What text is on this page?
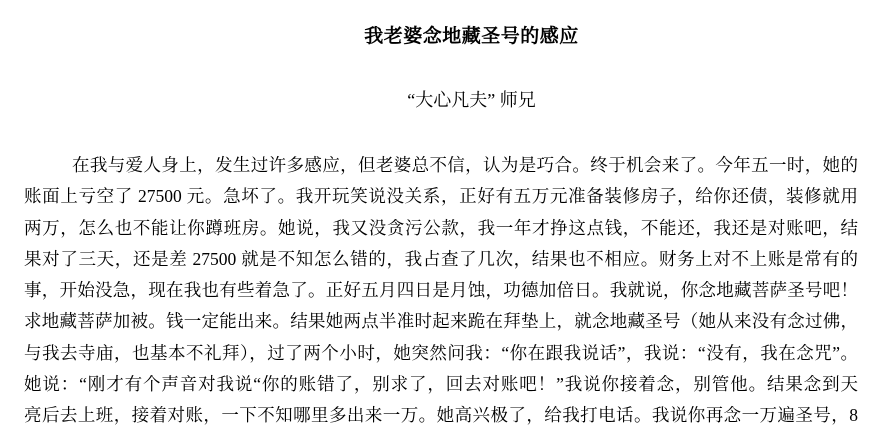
我老婆念地藏圣号的感应
“大心凡夫” 师兄
在我与爱人身上，发生过许多感应，但老婆总不信，认为是巧合。终于机会来了。今年五一时，她的
账面上亏空了 27500 元。急坏了。我开玩笑说没关系，正好有五万元准备装修房子，给你还债，装修就用
两万，怎么也不能让你蹲班房。她说，我又没贪污公款，我一年才挣这点钱，不能还，我还是对账吧，结
果对了三天，还是差 27500 就是不知怎么错的，我占查了几次，结果也不相应。财务上对不上账是常有的
事，开始没急，现在我也有些着急了。正好五月四日是月蚀，功德加倍日。我就说，你念地藏菩萨圣号吧！
求地藏菩萨加被。钱一定能出来。结果她两点半准时起来跪在拜垫上，就念地藏圣号（她从来没有念过佛，
与我去寺庙，也基本不礼拜），过了两个小时，她突然问我：“你在跟我说话”，我说：“没有，我在念咒”。
她说：“刚才有个声音对我说“你的账错了，别求了，回去对账吧！”我说你接着念，别管他。结果念到天
亮后去上班，接着对账，一下不知哪里多出来一万。她高兴极了，给我打电话。我说你再念一万遍圣号，8
